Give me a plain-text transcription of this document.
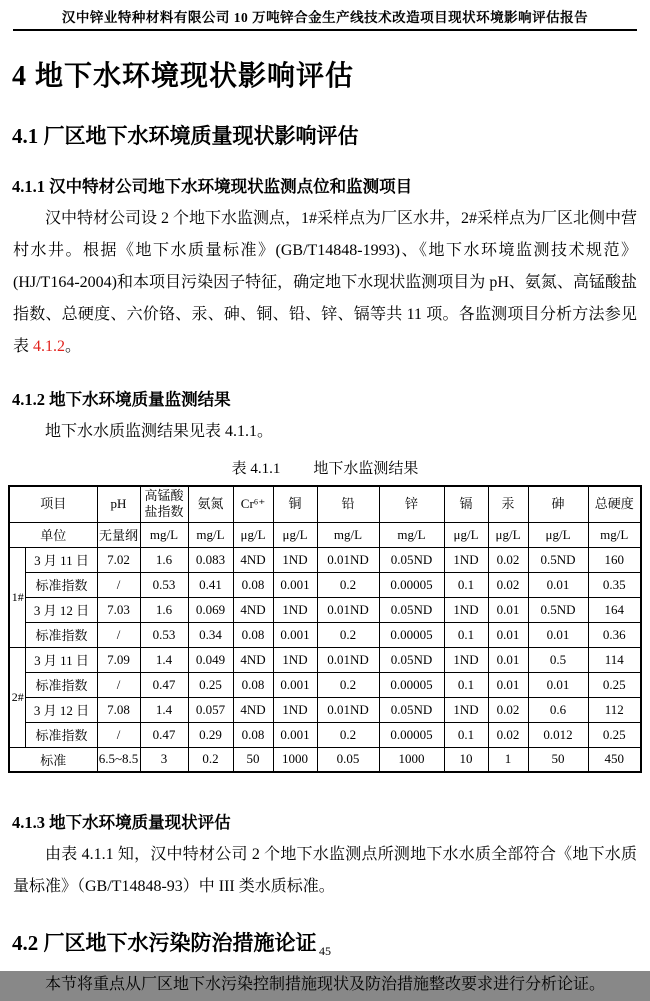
汉中锌业特种材料有限公司 10 万吨锌合金生产线技术改造项目现状环境影响评估报告
4 地下水环境现状影响评估
4.1 厂区地下水环境质量现状影响评估
4.1.1 汉中特材公司地下水环境现状监测点位和监测项目

汉中特材公司设 2 个地下水监测点，1#采样点为厂区水井，2#采样点为厂区北侧中营村水井。根据《地下水质量标准》(GB/T14848-1993)、《地下水环境监测技术规范》(HJ/T164-2004)和本项目污染因子特征，确定地下水现状监测项目为 pH、氨氮、高锰酸盐指数、总硬度、六价铬、汞、砷、铜、铅、锌、镉等共 11 项。各监测项目分析方法参见表 4.1.2。

4.1.2 地下水环境质量监测结果

地下水水质监测结果见表 4.1.1。

表 4.1.1 地下水监测结果
项目		pH	高锰酸盐指数	氨氮	Cr⁶⁺	铜	铅	锌	镉	汞	砷	总硬度
单位		无量纲	mg/L	mg/L	μg/L	μg/L	mg/L	mg/L	μg/L	μg/L	μg/L	mg/L
1#	3 月 11 日	7.02	1.6	0.083	4ND	1ND	0.01ND	0.05ND	1ND	0.02	0.5ND	160
	标准指数	/	0.53	0.41	0.08	0.001	0.2	0.00005	0.1	0.02	0.01	0.35
	3 月 12 日	7.03	1.6	0.069	4ND	1ND	0.01ND	0.05ND	1ND	0.01	0.5ND	164
	标准指数	/	0.53	0.34	0.08	0.001	0.2	0.00005	0.1	0.01	0.01	0.36
2#	3 月 11 日	7.09	1.4	0.049	4ND	1ND	0.01ND	0.05ND	1ND	0.01	0.5	114
	标准指数	/	0.47	0.25	0.08	0.001	0.2	0.00005	0.1	0.01	0.01	0.25
	3 月 12 日	7.08	1.4	0.057	4ND	1ND	0.01ND	0.05ND	1ND	0.02	0.6	112
	标准指数	/	0.47	0.29	0.08	0.001	0.2	0.00005	0.1	0.02	0.012	0.25
标准		6.5~8.5	3	0.2	50	1000	0.05	1000	10	1	50	450
4.1.3 地下水环境质量现状评估

由表 4.1.1 知，汉中特材公司 2 个地下水监测点所测地下水水质全部符合《地下水质量标准》（GB/T14848-93）中 III 类水质标准。

4.2 厂区地下水污染防治措施论证

本节将重点从厂区地下水污染控制措施现状及防治措施整改要求进行分析论证。

45
